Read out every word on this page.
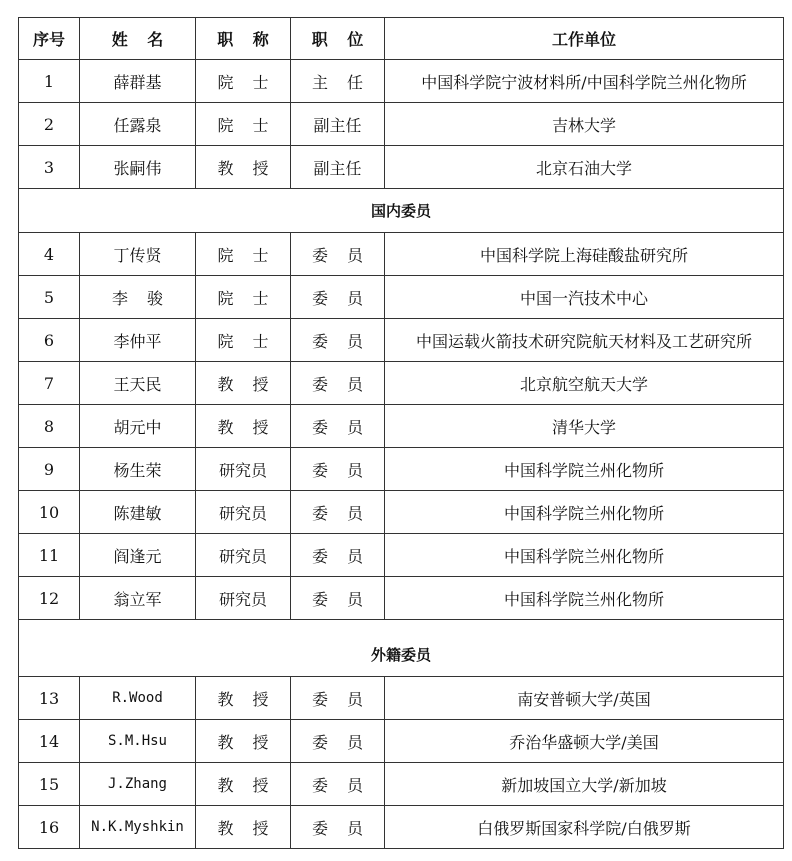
序号	姓 名	职 称	职 位	工作单位
1	薛群基	院 士	主 任	中国科学院宁波材料所/中国科学院兰州化物所
2	任露泉	院 士	副主任	吉林大学
3	张嗣伟	教 授	副主任	北京石油大学
国内委员				
4	丁传贤	院 士	委 员	中国科学院上海硅酸盐研究所
5	李 骏	院 士	委 员	中国一汽技术中心
6	李仲平	院 士	委 员	中国运载火箭技术研究院航天材料及工艺研究所
7	王天民	教 授	委 员	北京航空航天大学
8	胡元中	教 授	委 员	清华大学
9	杨生荣	研究员	委 员	中国科学院兰州化物所
10	陈建敏	研究员	委 员	中国科学院兰州化物所
11	阎逢元	研究员	委 员	中国科学院兰州化物所
12	翁立军	研究员	委 员	中国科学院兰州化物所
外籍委员				
13	R.Wood	教 授	委 员	南安普顿大学/英国
14	S.M.Hsu	教 授	委 员	乔治华盛顿大学/美国
15	J.Zhang	教 授	委 员	新加坡国立大学/新加坡
16	N.K.Myshkin	教 授	委 员	白俄罗斯国家科学院/白俄罗斯
